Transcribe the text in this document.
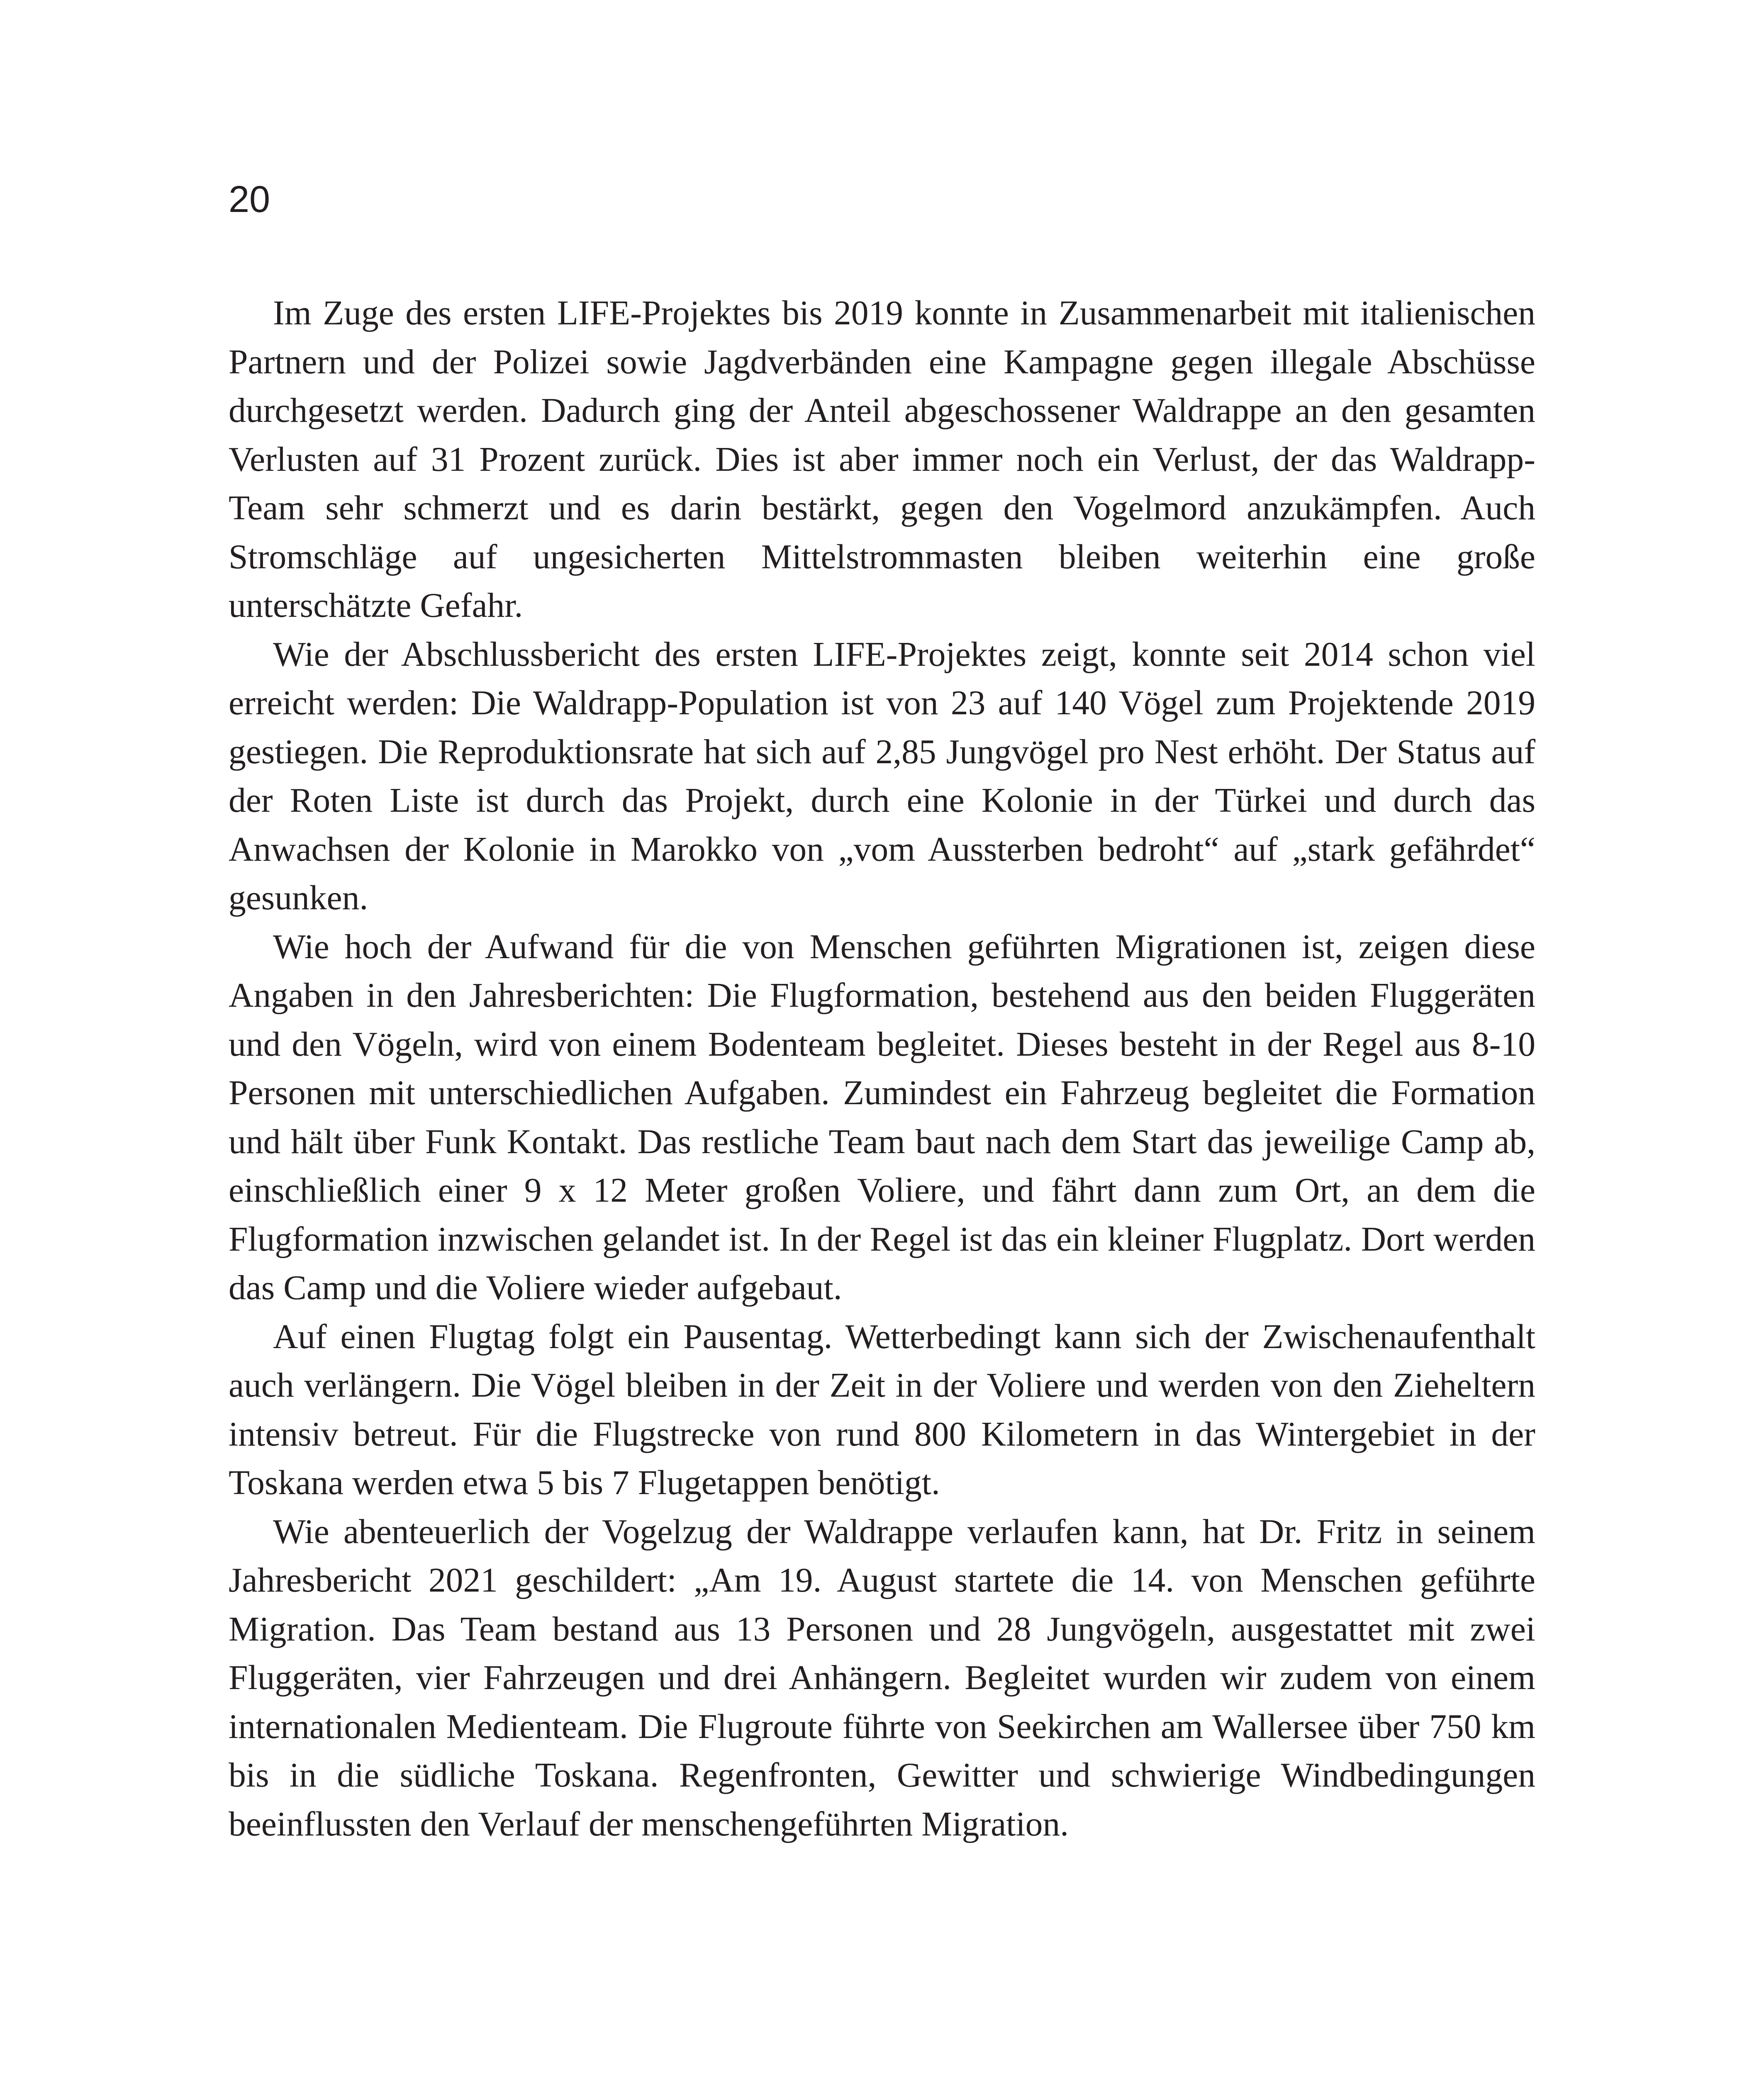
20

Im Zuge des ersten LIFE-Projektes bis 2019 konnte in Zusammenarbeit mit italienischen Partnern und der Polizei sowie Jagdverbänden eine Kampagne gegen illegale Abschüsse durchgesetzt werden. Dadurch ging der Anteil abgeschossener Waldrappe an den gesamten Verlusten auf 31 Prozent zurück. Dies ist aber immer noch ein Verlust, der das Waldrapp-Team sehr schmerzt und es darin bestärkt, gegen den Vogelmord anzukämpfen. Auch Stromschläge auf ungesicherten Mittelstrommasten bleiben weiterhin eine große unterschätzte Gefahr.

Wie der Abschlussbericht des ersten LIFE-Projektes zeigt, konnte seit 2014 schon viel erreicht werden: Die Waldrapp-Population ist von 23 auf 140 Vögel zum Projektende 2019 gestiegen. Die Reproduktionsrate hat sich auf 2,85 Jungvögel pro Nest erhöht. Der Status auf der Roten Liste ist durch das Projekt, durch eine Kolonie in der Türkei und durch das Anwachsen der Kolonie in Marokko von „vom Aussterben bedroht“ auf „stark gefährdet“ gesunken.

Wie hoch der Aufwand für die von Menschen geführten Migrationen ist, zeigen diese Angaben in den Jahresberichten: Die Flugformation, bestehend aus den beiden Fluggeräten und den Vögeln, wird von einem Bodenteam begleitet. Dieses besteht in der Regel aus 8-10 Personen mit unterschiedlichen Aufgaben. Zumindest ein Fahrzeug begleitet die Formation und hält über Funk Kontakt. Das restliche Team baut nach dem Start das jeweilige Camp ab, einschließlich einer 9 x 12 Meter großen Voliere, und fährt dann zum Ort, an dem die Flugformation inzwischen gelandet ist. In der Regel ist das ein kleiner Flugplatz. Dort werden das Camp und die Voliere wieder aufgebaut.

Auf einen Flugtag folgt ein Pausentag. Wetterbedingt kann sich der Zwischenaufenthalt auch verlängern. Die Vögel bleiben in der Zeit in der Voliere und werden von den Zieheltern intensiv betreut. Für die Flugstrecke von rund 800 Kilometern in das Wintergebiet in der Toskana werden etwa 5 bis 7 Flugetappen benötigt.

Wie abenteuerlich der Vogelzug der Waldrappe verlaufen kann, hat Dr. Fritz in seinem Jahresbericht 2021 geschildert: „Am 19. August startete die 14. von Menschen geführte Migration. Das Team bestand aus 13 Personen und 28 Jungvögeln, ausgestattet mit zwei Fluggeräten, vier Fahrzeugen und drei Anhängern. Begleitet wurden wir zudem von einem internationalen Medienteam. Die Flugroute führte von Seekirchen am Wallersee über 750 km bis in die südliche Toskana. Regenfronten, Gewitter und schwierige Windbedingungen beeinflussten den Verlauf der menschengeführten Migration.
